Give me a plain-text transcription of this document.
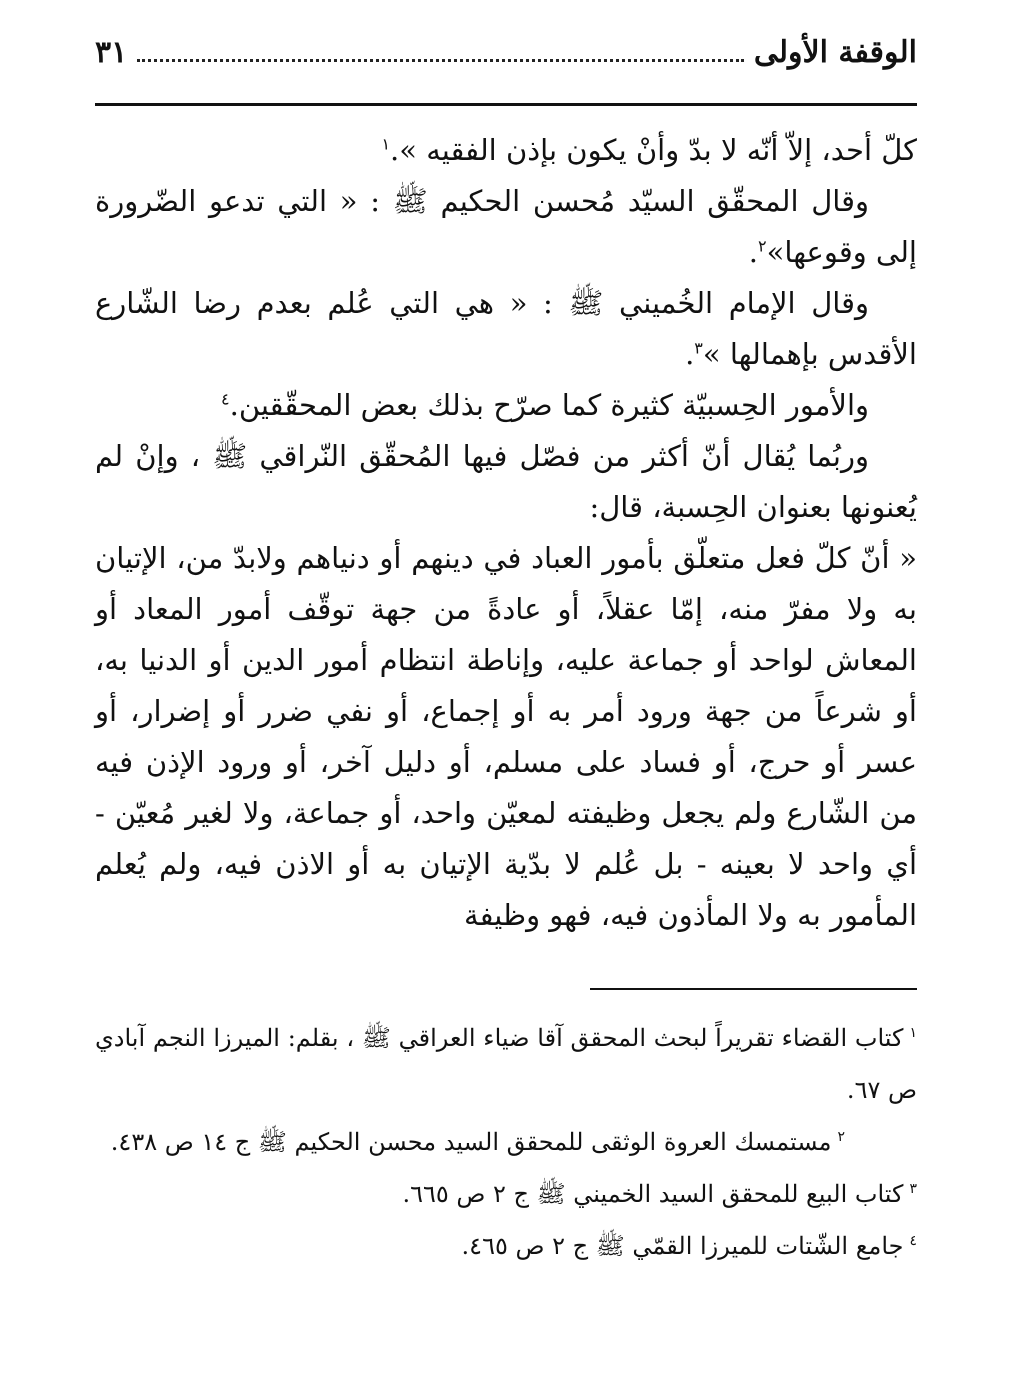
الوقفة الأولى
٣١

كلّ أحد، إلاّ أنّه لا بدّ وأنْ يكون بإذن الفقيه ».$^١$

وقال المحقّق السيّد مُحسن الحكيم ﷺ : « التي تدعو الضّرورة إلى وقوعها»$^٢$.

وقال الإمام الخُميني ﷺ : « هي التي عُلم بعدم رضا الشّارع الأقدس بإهمالها »$^٣$.

والأمور الحِسبيّة كثيرة كما صرّح بذلك بعض المحقّقين.$^٤$

وربُما يُقال أنّ أكثر من فصّل فيها المُحقّق النّراقي ﷺ ، وإنْ لم يُعنونها بعنوان الحِسبة، قال:

« أنّ كلّ فعل متعلّق بأمور العباد في دينهم أو دنياهم ولابدّ من، الإتيان به ولا مفرّ منه، إمّا عقلاً، أو عادةً من جهة توقّف أمور المعاد أو المعاش لواحد أو جماعة عليه، وإناطة انتظام أمور الدين أو الدنيا به، أو شرعاً من جهة ورود أمر به أو إجماع، أو نفي ضرر أو إضرار، أو عسر أو حرج، أو فساد على مسلم، أو دليل آخر، أو ورود الإذن فيه من الشّارع ولم يجعل وظيفته لمعيّن واحد، أو جماعة، ولا لغير مُعيّن - أي واحد لا بعينه - بل عُلم لا بدّية الإتيان به أو الاذن فيه، ولم يُعلم المأمور به ولا المأذون فيه، فهو وظيفة

$^١$كتاب القضاء تقريراً لبحث المحقق آقا ضياء العراقي ﷺ ، بقلم: الميرزا النجم آبادي ص ٦٧.

$^٢$مستمسك العروة الوثقى للمحقق السيد محسن الحكيم ﷺ ج ١٤ ص ٤٣٨.

$^٣$كتاب البيع للمحقق السيد الخميني ﷺ ج ٢ ص ٦٦٥.

$^٤$جامع الشّتات للميرزا القمّي ﷺ ج ٢ ص ٤٦٥.
